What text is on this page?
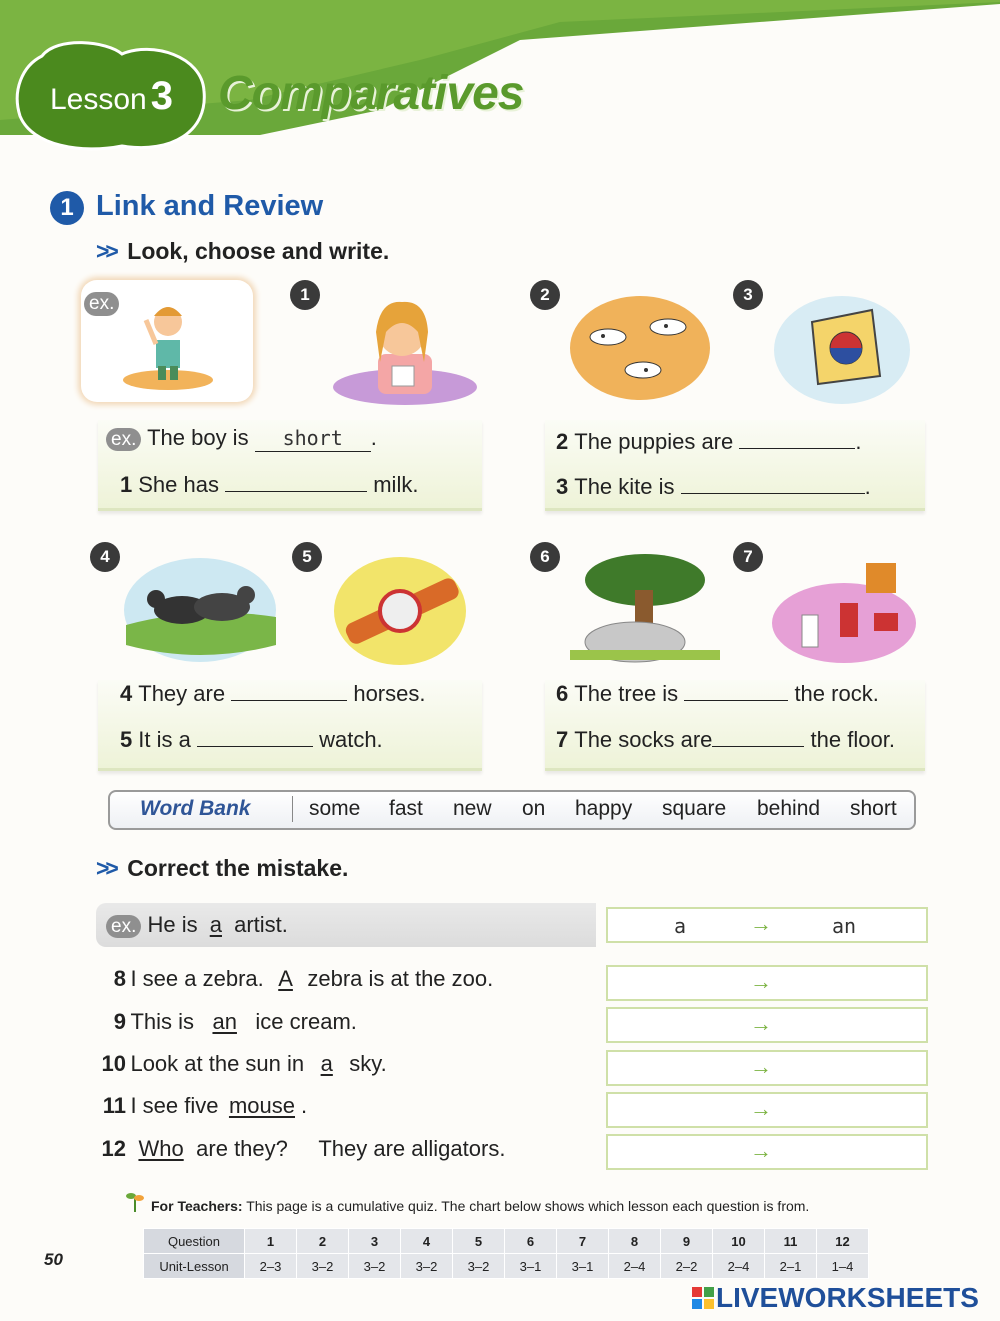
Lesson 3 Comparatives
1 Link and Review
>> Look, choose and write.
ex.	1	2	3
ex. The boy is short .
1 She has	milk.
2 The puppies are	.
3 The kite is	.
4	5	6	7
4 They are	horses.
5 It is a	watch.
6 The tree is	the rock.
7 The socks are	the floor.
Word Bank	some fast new on happy square behind short
>> Correct the mistake.
ex. He is a artist.	a	→	an
8 I see a zebra. A zebra is at the zoo.	→
9 This is an ice cream.	→
10 Look at the sun in a sky.	→
11 I see five mouse .	→
12 Who are they? They are alligators.	→
For Teachers: This page is a cumulative quiz. The chart below shows which lesson each question is from.
Question	1	2	3	4	5	6	7	8	9	10	11	12
Unit-Lesson	2–3	3–2	3–2	3–2	3–2	3–1	3–1	2–4	2–2	2–4	2–1	1–4
50
LIVEWORKSHEETS
